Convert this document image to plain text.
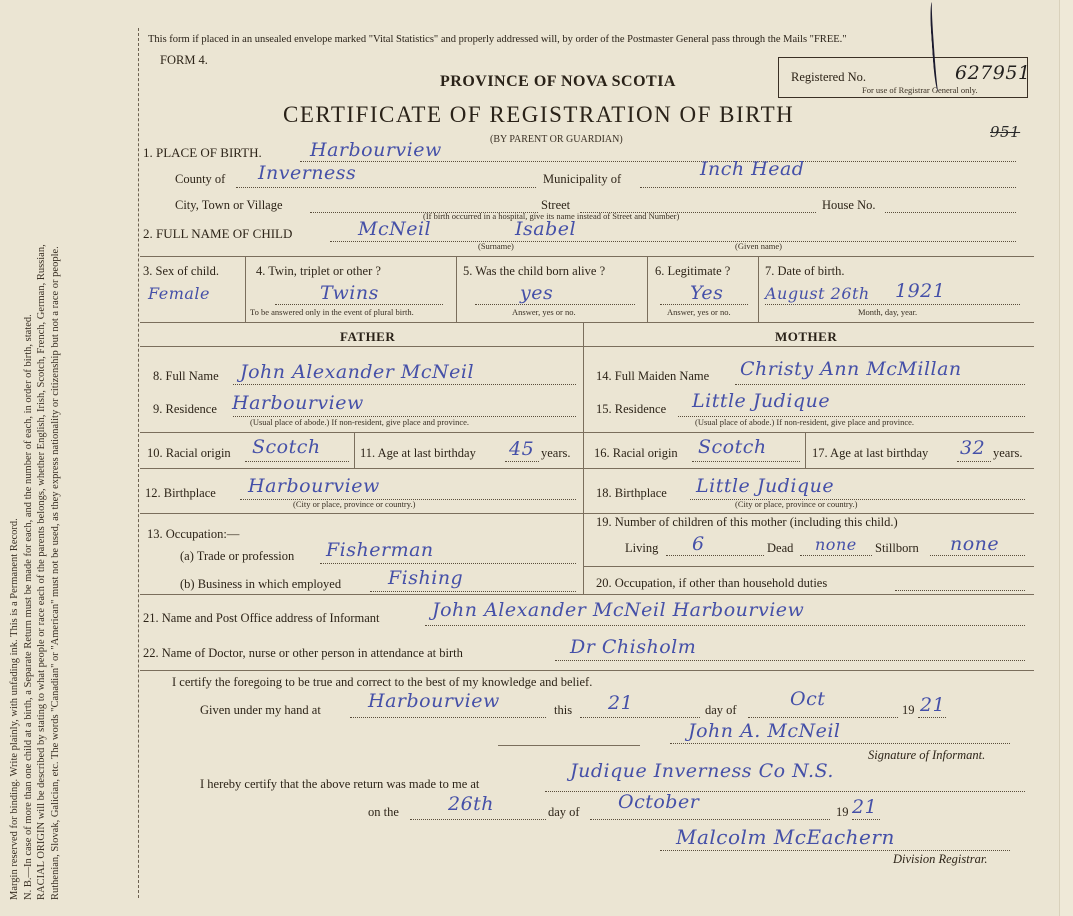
Margin reserved for binding. Write plainly, with unfading ink. This is a Permanent Record. N. B.—In case of more than one child at a birth, a Separate Return must be made for each, and the number of each, in order of birth, stated. RACIAL ORIGIN will be described by stating to what people or race each of the parents belongs, whether English, Irish, Scotch, French, German, Russian, Ruthenian, Slovak, Galician, etc. The words "Canadian" or "American" must not be used, as they express nationality or citizenship but not a race or people.
This form if placed in an unsealed envelope marked "Vital Statistics" and properly addressed will, by order of the Postmaster General pass through the Mails "FREE."
FORM 4.
PROVINCE OF NOVA SCOTIA
CERTIFICATE OF REGISTRATION OF BIRTH
(BY PARENT OR GUARDIAN)
Registered No.	627951
For use of Registrar General only.
951
1. PLACE OF BIRTH.	Harbourview
County of Inverness	Municipality of	Inch Head
City, Town or Village	Street	House No.
(If birth occurred in a hospital, give its name instead of Street and Number)
2. FULL NAME OF CHILD	McNeil	Isabel
(Surname)	(Given name)
3. Sex of child.
Female
4. Twin, triplet or other ?
Twins
To be answered only in the event of plural birth.
5. Was the child born alive ?
yes
Answer, yes or no.
6. Legitimate ?
Yes
Answer, yes or no.
7. Date of birth.
August 26th 1921
Month, day, year.
FATHER	MOTHER
8. Full Name John Alexander McNeil
9. Residence Harbourview
(Usual place of abode.) If non-resident, give place and province.
10. Racial origin Scotch	11. Age at last birthday 45 years.
12. Birthplace Harbourview
(City or place, province or country.)
13. Occupation:—
(a) Trade or profession Fisherman
(b) Business in which employed Fishing
14. Full Maiden Name Christy Ann McMillan
15. Residence Little Judique
(Usual place of abode.) If non-resident, give place and province.
16. Racial origin Scotch	17. Age at last birthday 32 years.
18. Birthplace Little Judique
(City or place, province or country.)
19. Number of children of this mother (including this child.)
Living 6	Dead none Stillborn none
20. Occupation, if other than household duties
21. Name and Post Office address of Informant	John Alexander McNeil Harbourview
22. Name of Doctor, nurse or other person in attendance at birth	Dr Chisholm
I certify the foregoing to be true and correct to the best of my knowledge and belief.
Given under my hand at Harbourview	this 21	day of	Oct	19 21
John A. McNeil
Signature of Informant.
I hereby certify that the above return was made to me at
Judique Inverness Co N.S.
on the	26th	day of October	19 21
Malcolm McEachern
Division Registrar.
